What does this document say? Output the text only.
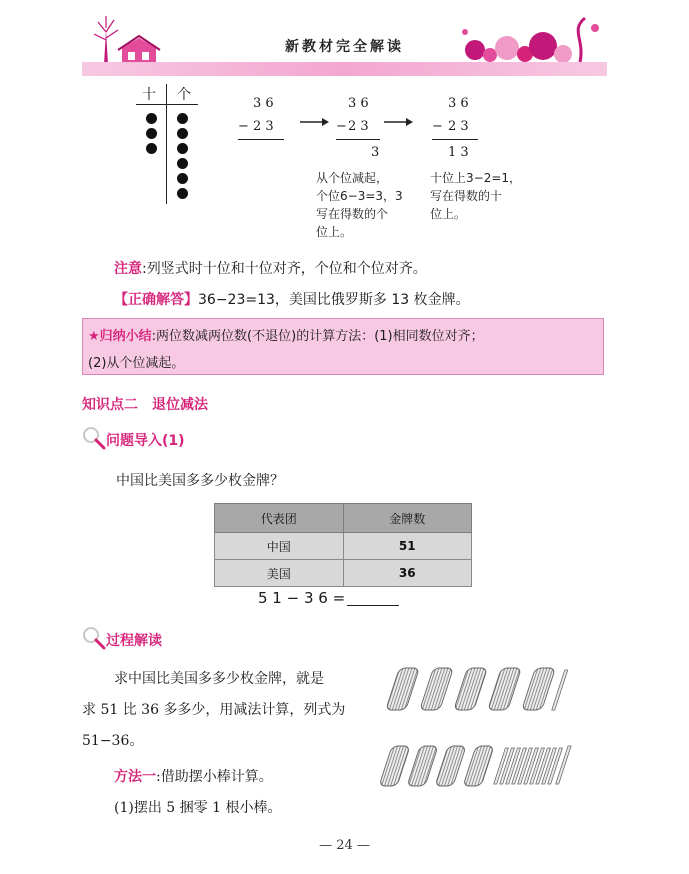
新教材完全解读
十 个
3 6
− 2 3
3 6
− 2 3
3
3 6
− 2 3
1 3
从个位减起，
个位6−3=3，3
写在得数的个
位上。
十位上3−2=1，
写在得数的十
位上。
注意:列竖式时十位和十位对齐，个位和个位对齐。
【正确解答】36−23=13，美国比俄罗斯多 13 枚金牌。
★归纳小结:两位数减两位数(不退位)的计算方法：(1)相同数位对齐；
(2)从个位减起。
知识点二　退位减法
问题导入(1)
中国比美国多多少枚金牌？
代表团	金牌数
中国	51
美国	36
5 1 − 3 6 =
过程解读
求中国比美国多多少枚金牌，就是
求 51 比 36 多多少，用减法计算，列式为
51−36。
方法一:借助摆小棒计算。
(1)摆出 5 捆零 1 根小棒。
— 24 —
